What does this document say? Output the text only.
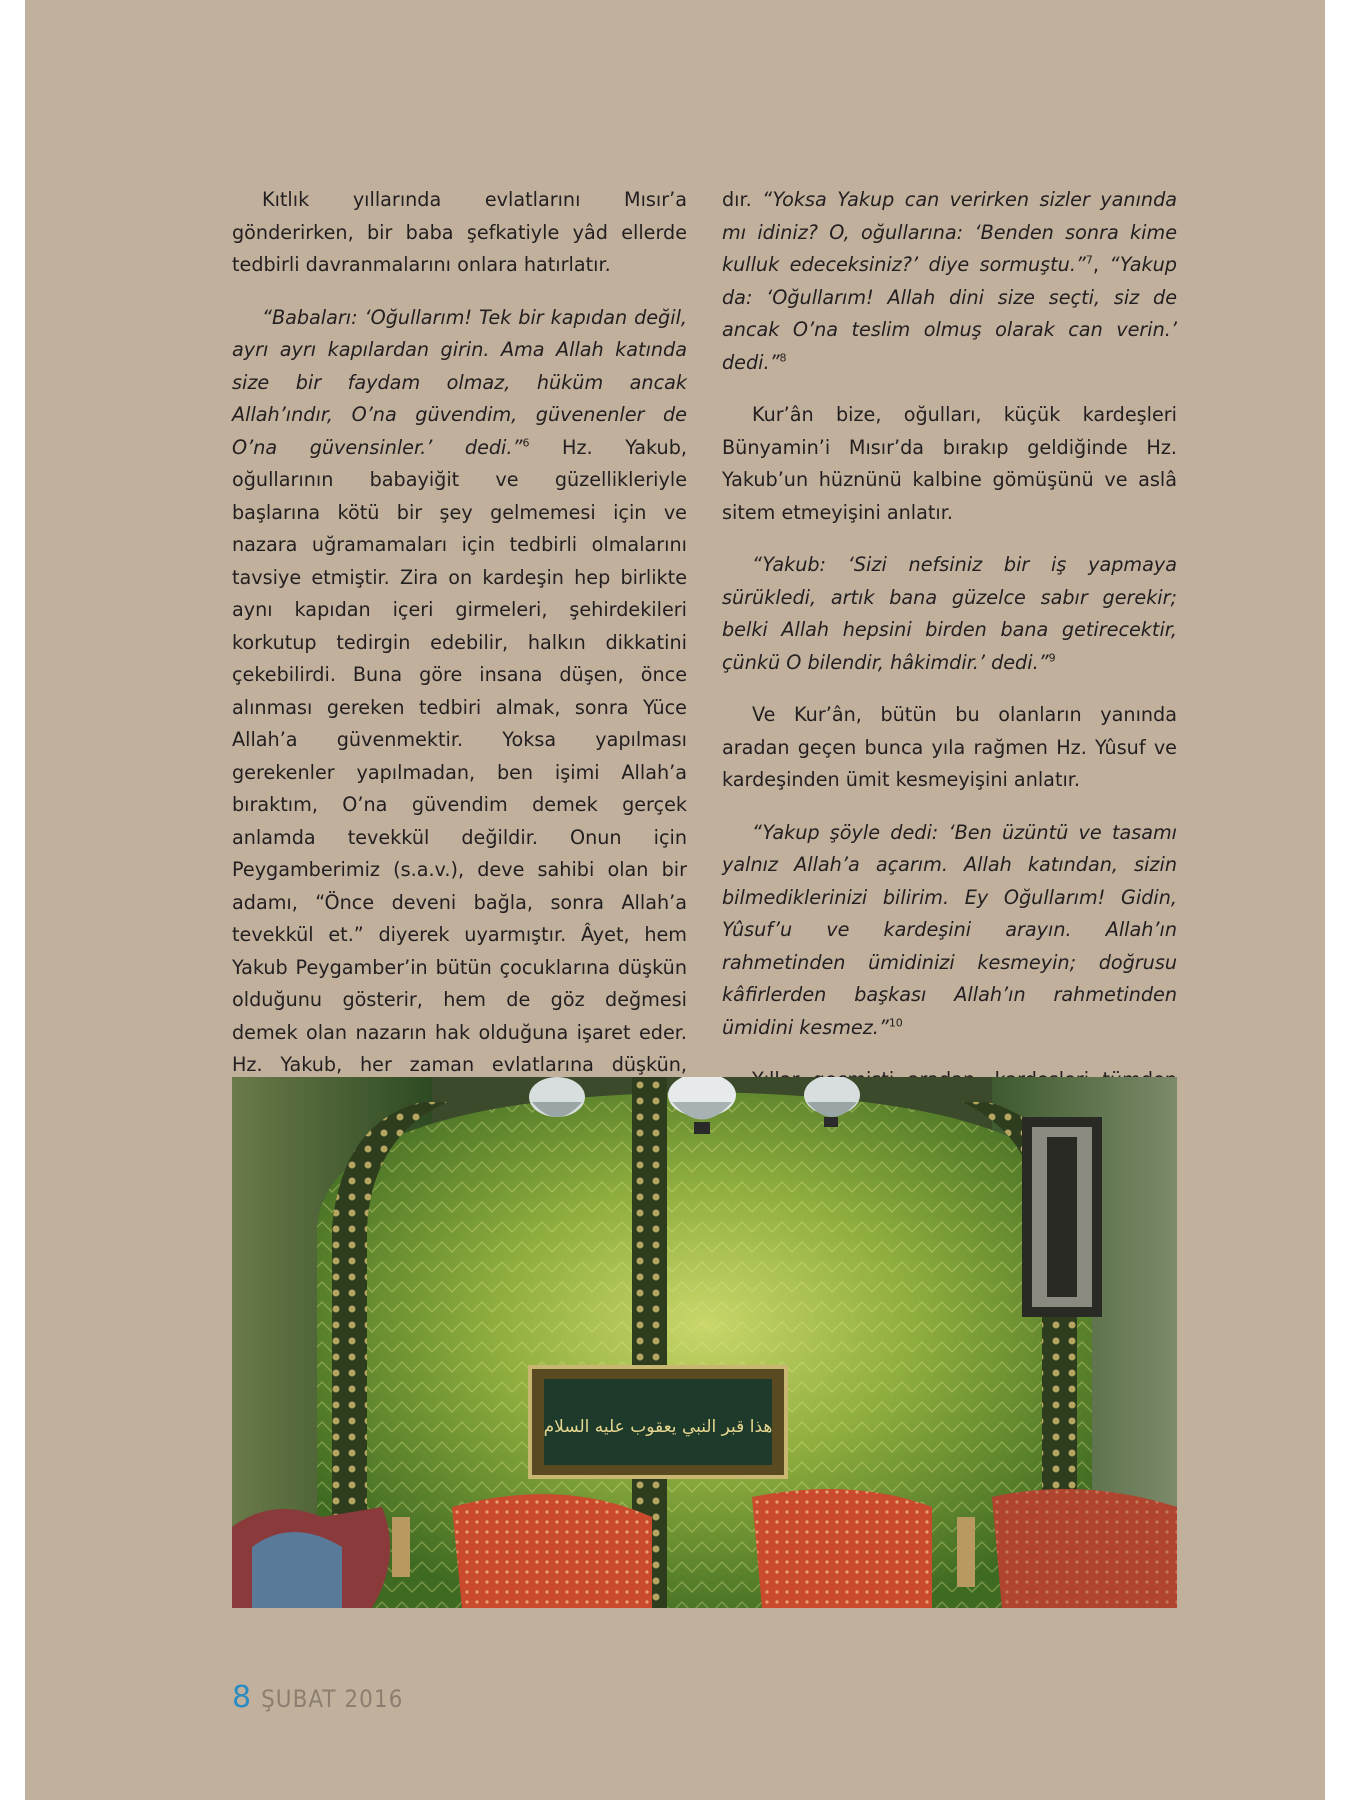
Kıtlık yıllarında evlatlarını Mısır’a gönderirken, bir baba şefkatiyle yâd ellerde tedbirli davranmalarını onlara hatırlatır.

“Babaları: ‘Oğullarım! Tek bir kapıdan değil, ayrı ayrı kapılardan girin. Ama Allah katında size bir faydam olmaz, hüküm ancak Allah’ındır, O’na güvendim, güvenenler de O’na güvensinler.’ dedi.”$^6$ Hz. Yakub, oğullarının babayiğit ve güzellikleriyle başlarına kötü bir şey gelmemesi için ve nazara uğramamaları için tedbirli olmalarını tavsiye etmiştir. Zira on kardeşin hep birlikte aynı kapıdan içeri girmeleri, şehirdekileri korkutup tedirgin edebilir, halkın dikkatini çekebilirdi. Buna göre insana düşen, önce alınması gereken tedbiri almak, sonra Yüce Allah’a güvenmektir. Yoksa yapılması gerekenler yapılmadan, ben işimi Allah’a bıraktım, O’na güvendim demek gerçek anlamda tevekkül değildir. Onun için Peygamberimiz (s.a.v.), deve sahibi olan bir adamı, “Önce deveni bağla, sonra Allah’a tevekkül et.” diyerek uyarmıştır. Âyet, hem Yakub Peygamber’in bütün çocuklarına düşkün olduğunu gösterir, hem de göz değmesi demek olan nazarın hak olduğuna işaret eder. Hz. Yakub, her zaman evlatlarına düşkün,

dır. “Yoksa Yakup can verirken sizler yanında mı idiniz? O, oğullarına: ‘Benden sonra kime kulluk edeceksiniz?’ diye sormuştu.”$^7$, “Yakup da: ‘Oğullarım! Allah dini size seçti, siz de ancak O’na teslim olmuş olarak can verin.’ dedi.”$^8$

Kur’ân bize, oğulları, küçük kardeşleri Bünyamin’i Mısır’da bırakıp geldiğinde Hz. Yakub’un hüznünü kalbine gömüşünü ve aslâ sitem etmeyişini anlatır.

“Yakub: ‘Sizi nefsiniz bir iş yapmaya sürükledi, artık bana güzelce sabır gerekir; belki Allah hepsini birden bana getirecektir, çünkü O bilendir, hâkimdir.’ dedi.”$^9$

Ve Kur’ân, bütün bu olanların yanında aradan geçen bunca yıla rağmen Hz. Yûsuf ve kardeşinden ümit kesmeyişini anlatır.

“Yakup şöyle dedi: ‘Ben üzüntü ve tasamı yalnız Allah’a açarım. Allah katından, sizin bilmediklerinizi bilirim. Ey Oğullarım! Gidin, Yûsuf’u ve kardeşini arayın. Allah’ın rahmetinden ümidinizi kesmeyin; doğrusu kâfirlerden başkası Allah’ın rahmetinden ümidini kesmez.”$^{10}$

هذا قبر النبي يعقوب عليه السلام
8 ŞUBAT 2016
